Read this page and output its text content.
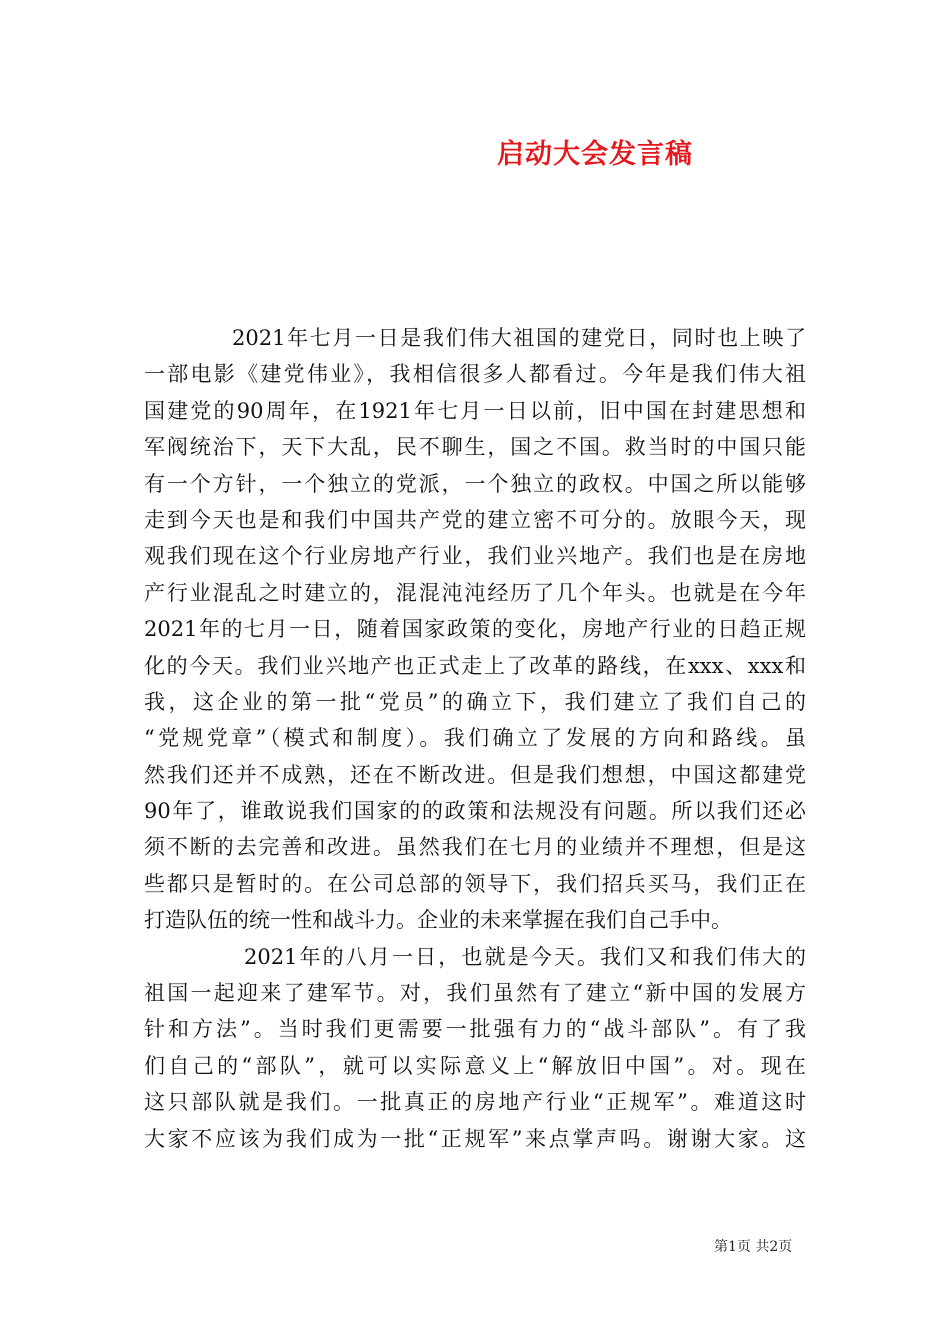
启动大会发言稿
2021年七月一日是我们伟大祖国的建党日，同时也上映了
一部电影《建党伟业》，我相信很多人都看过。今年是我们伟大祖
国建党的90周年，在1921年七月一日以前，旧中国在封建思想和
军阀统治下，天下大乱，民不聊生，国之不国。救当时的中国只能
有一个方针，一个独立的党派，一个独立的政权。中国之所以能够
走到今天也是和我们中国共产党的建立密不可分的。放眼今天，现
观我们现在这个行业房地产行业，我们业兴地产。我们也是在房地
产行业混乱之时建立的，混混沌沌经历了几个年头。也就是在今年
2021年的七月一日，随着国家政策的变化，房地产行业的日趋正规
化的今天。我们业兴地产也正式走上了改革的路线，在xxx、xxx和
我，这企业的第一批“党员”的确立下，我们建立了我们自己的
“党规党章”（模式和制度）。我们确立了发展的方向和路线。虽
然我们还并不成熟，还在不断改进。但是我们想想，中国这都建党
90年了，谁敢说我们国家的的政策和法规没有问题。所以我们还必
须不断的去完善和改进。虽然我们在七月的业绩并不理想，但是这
些都只是暂时的。在公司总部的领导下，我们招兵买马，我们正在
打造队伍的统一性和战斗力。企业的未来掌握在我们自己手中。
2021年的八月一日，也就是今天。我们又和我们伟大的
祖国一起迎来了建军节。对，我们虽然有了建立“新中国的发展方
针和方法”。当时我们更需要一批强有力的“战斗部队”。有了我
们自己的“部队”，就可以实际意义上“解放旧中国”。对。现在
这只部队就是我们。一批真正的房地产行业“正规军”。难道这时
大家不应该为我们成为一批“正规军”来点掌声吗。谢谢大家。这
第1页 共2页
